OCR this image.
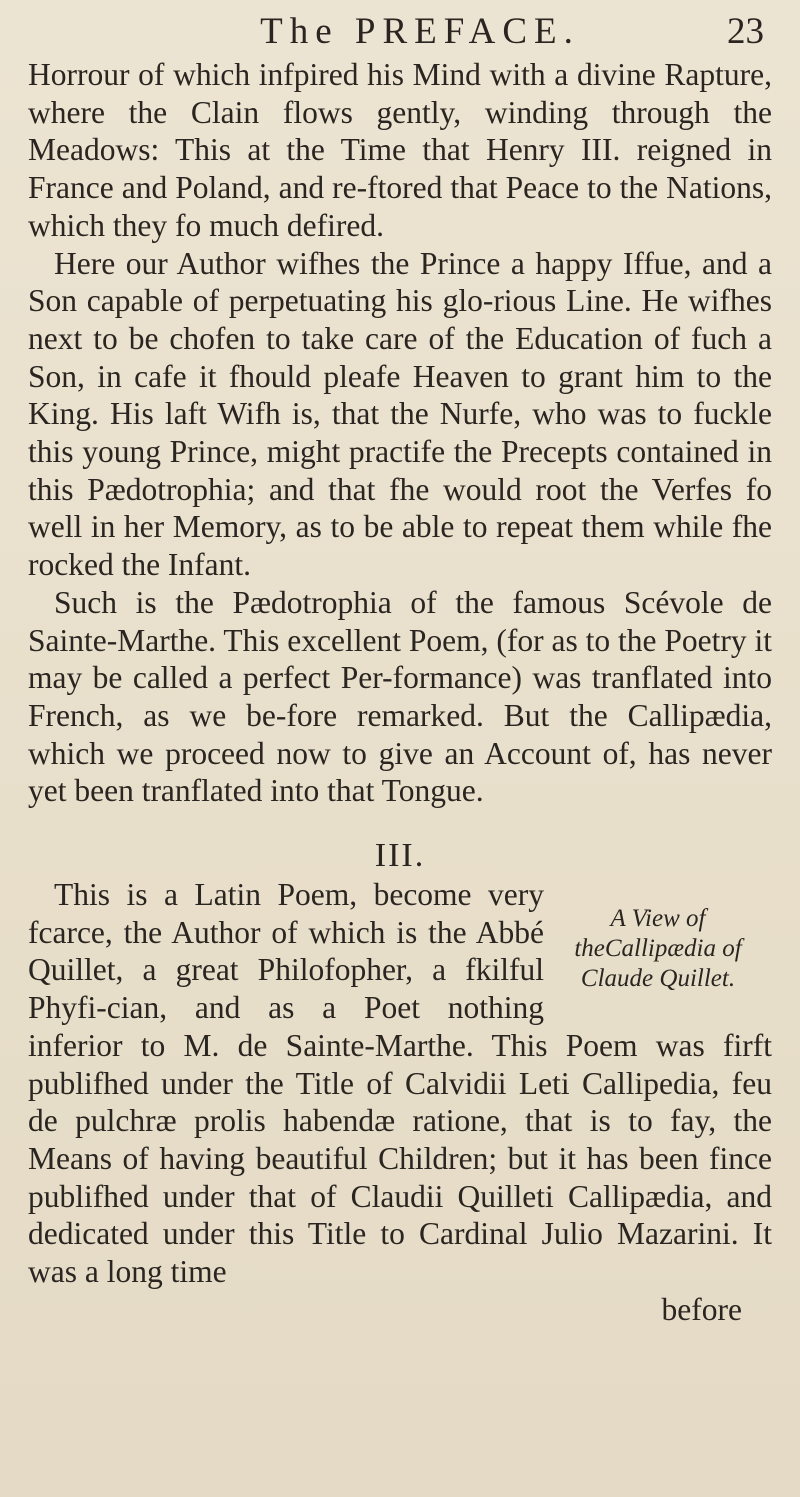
The PREFACE.	23

Horrour of which infpired his Mind with a divine Rapture, where the Clain flows gently, winding through the Meadows: This at the Time that Henry III. reigned in France and Poland, and re-ftored that Peace to the Nations, which they fo much defired.

Here our Author wifhes the Prince a happy Iffue, and a Son capable of perpetuating his glo-rious Line. He wifhes next to be chofen to take care of the Education of fuch a Son, in cafe it fhould pleafe Heaven to grant him to the King. His laft Wifh is, that the Nurfe, who was to fuckle this young Prince, might practife the Precepts contained in this Pædotrophia; and that fhe would root the Verfes fo well in her Memory, as to be able to repeat them while fhe rocked the Infant.

Such is the Pædotrophia of the famous Scévole de Sainte-Marthe. This excellent Poem, (for as to the Poetry it may be called a perfect Per-formance) was tranflated into French, as we be-fore remarked. But the Callipædia, which we proceed now to give an Account of, has never yet been tranflated into that Tongue.

III.
A View of theCallipædia of Claude Quillet.

This is a Latin Poem, become very fcarce, the Author of which is the Abbé Quillet, a great Philofopher, a fkilful Phyfi-cian, and as a Poet nothing inferior to M. de Sainte-Marthe. This Poem was firft publifhed under the Title of Calvidii Leti Callipedia, feu de pulchræ prolis habendæ ratione, that is to fay, the Means of having beautiful Children; but it has been fince publifhed under that of Claudii Quilleti Callipædia, and dedicated under this Title to Cardinal Julio Mazarini. It was a long time

before
